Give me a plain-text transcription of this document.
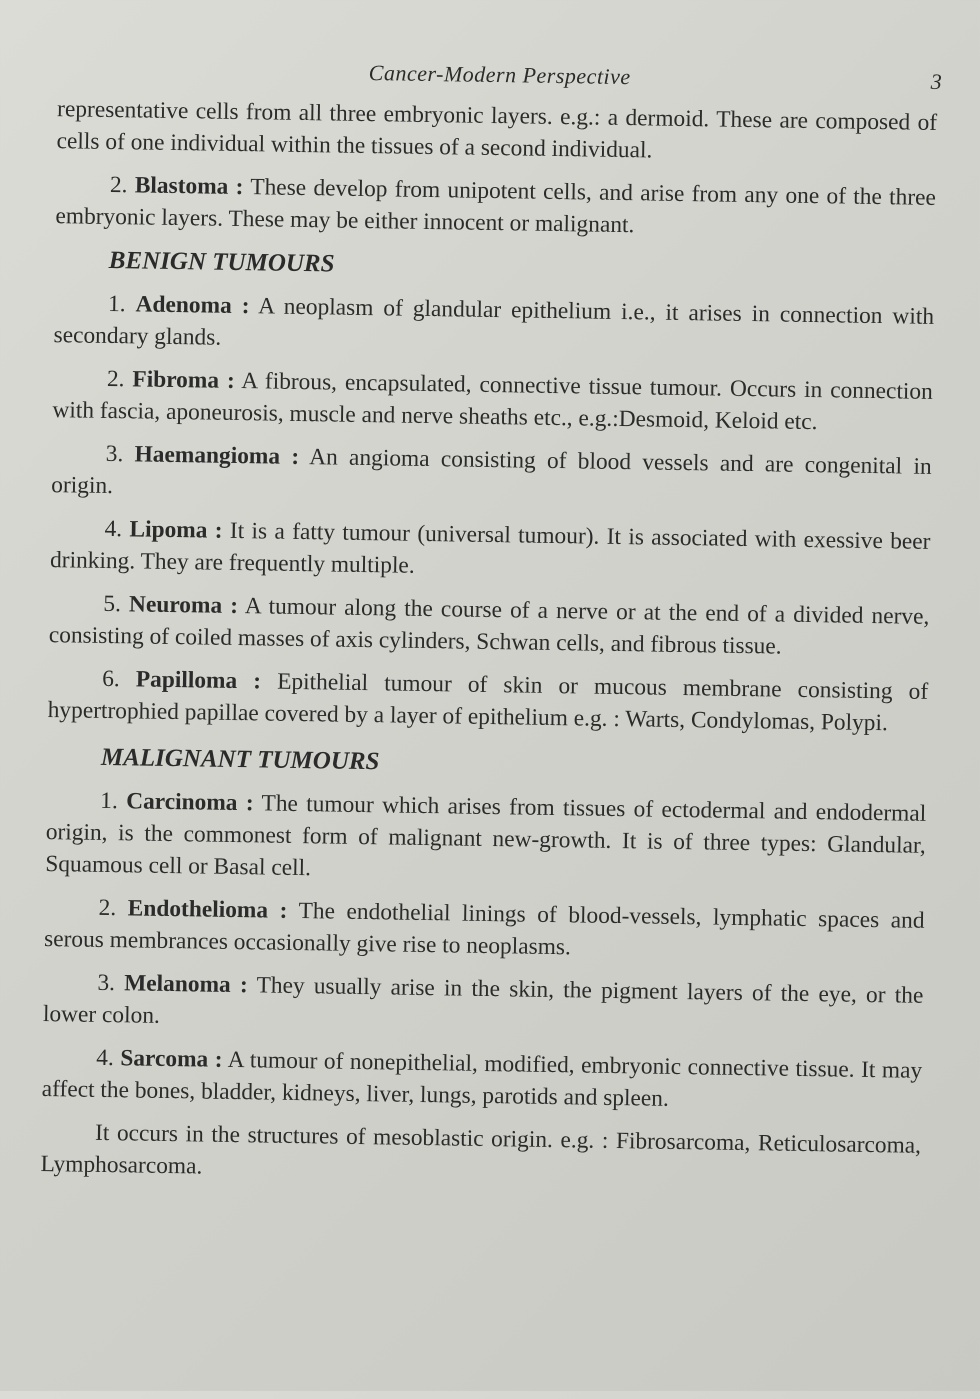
Cancer-Modern Perspective	3

representative cells from all three embryonic layers. e.g.: a dermoid. These are composed of cells of one individual within the tissues of a second individual.

2. Blastoma : These develop from unipotent cells, and arise from any one of the three embryonic layers. These may be either innocent or malignant.

BENIGN TUMOURS

1. Adenoma : A neoplasm of glandular epithelium i.e., it arises in connection with secondary glands.

2. Fibroma : A fibrous, encapsulated, connective tissue tumour. Occurs in connection with fascia, aponeurosis, muscle and nerve sheaths etc., e.g.:Desmoid, Keloid etc.

3. Haemangioma : An angioma consisting of blood vessels and are congenital in origin.

4. Lipoma : It is a fatty tumour (universal tumour). It is associated with exessive beer drinking. They are frequently multiple.

5. Neuroma : A tumour along the course of a nerve or at the end of a divided nerve, consisting of coiled masses of axis cylinders, Schwan cells, and fibrous tissue.

6. Papilloma : Epithelial tumour of skin or mucous membrane consisting of hypertrophied papillae covered by a layer of epithelium e.g. : Warts, Condylomas, Polypi.

MALIGNANT TUMOURS

1. Carcinoma : The tumour which arises from tissues of ectodermal and endodermal origin, is the commonest form of malignant new-growth. It is of three types: Glandular, Squamous cell or Basal cell.

2. Endothelioma : The endothelial linings of blood-vessels, lymphatic spaces and serous membrances occasionally give rise to neoplasms.

3. Melanoma : They usually arise in the skin, the pigment layers of the eye, or the lower colon.

4. Sarcoma : A tumour of nonepithelial, modified, embryonic connective tissue. It may affect the bones, bladder, kidneys, liver, lungs, parotids and spleen.

It occurs in the structures of mesoblastic origin. e.g. : Fibrosarcoma, Reticulosarcoma, Lymphosarcoma.
